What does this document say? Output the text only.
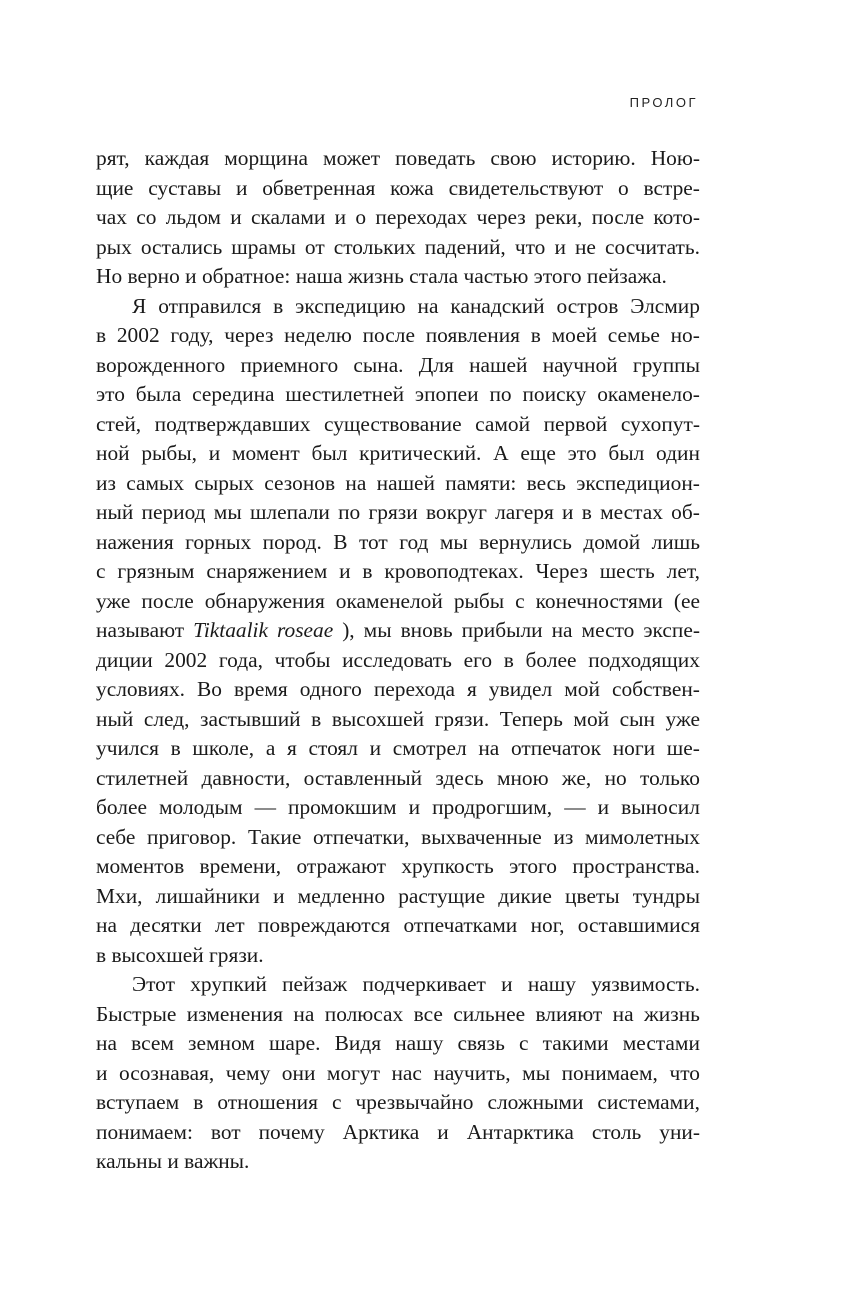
ПРОЛОГ
рят, каждая морщина может поведать свою историю. Ною-
щие суставы и обветренная кожа свидетельствуют о встре-
чах со льдом и скалами и о переходах через реки, после кото-
рых остались шрамы от стольких падений, что и не сосчитать.
Но верно и обратное: наша жизнь стала частью этого пейзажа.
Я отправился в экспедицию на канадский остров Элсмир
в 2002 году, через неделю после появления в моей семье но-
ворожденного приемного сына. Для нашей научной группы
это была середина шестилетней эпопеи по поиску окаменело-
стей, подтверждавших существование самой первой сухопут-
ной рыбы, и момент был критический. А еще это был один
из самых сырых сезонов на нашей памяти: весь экспедицион-
ный период мы шлепали по грязи вокруг лагеря и в местах об-
нажения горных пород. В тот год мы вернулись домой лишь
с грязным снаряжением и в кровоподтеках. Через шесть лет,
уже после обнаружения окаменелой рыбы с конечностями (ее
называют Tiktaalik roseae ), мы вновь прибыли на место экспе-
диции 2002 года, чтобы исследовать его в более подходящих
условиях. Во время одного перехода я увидел мой собствен-
ный след, застывший в высохшей грязи. Теперь мой сын уже
учился в школе, а я стоял и смотрел на отпечаток ноги ше-
стилетней давности, оставленный здесь мною же, но только
более молодым — промокшим и продрогшим, — и выносил
себе приговор. Такие отпечатки, выхваченные из мимолетных
моментов времени, отражают хрупкость этого пространства.
Мхи, лишайники и медленно растущие дикие цветы тундры
на десятки лет повреждаются отпечатками ног, оставшимися
в высохшей грязи.
Этот хрупкий пейзаж подчеркивает и нашу уязвимость.
Быстрые изменения на полюсах все сильнее влияют на жизнь
на всем земном шаре. Видя нашу связь с такими местами
и осознавая, чему они могут нас научить, мы понимаем, что
вступаем в отношения с чрезвычайно сложными системами,
понимаем: вот почему Арктика и Антарктика столь уни-
кальны и важны.
